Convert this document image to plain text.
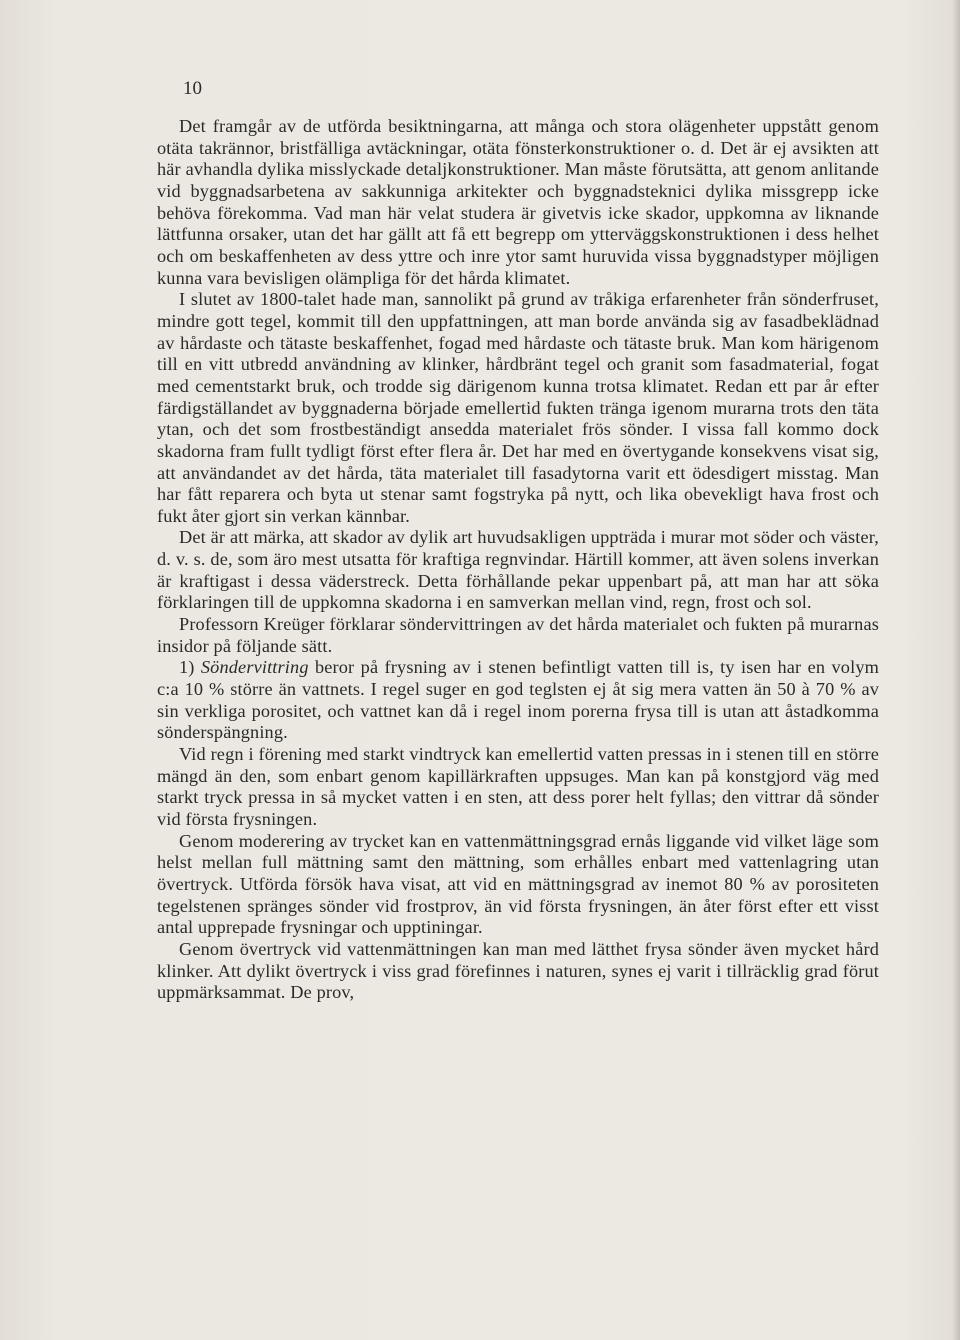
10

Det framgår av de utförda besiktningarna, att många och stora olägenheter uppstått genom otäta takrännor, bristfälliga avtäckningar, otäta fönsterkonstruktioner o. d. Det är ej avsikten att här avhandla dylika misslyckade detaljkonstruktioner. Man måste förutsätta, att genom anlitande vid byggnadsarbetena av sakkunniga arkitekter och byggnadsteknici dylika missgrepp icke behöva förekomma. Vad man här velat studera är givetvis icke skador, uppkomna av liknande lättfunna orsaker, utan det har gällt att få ett begrepp om ytterväggskonstruktionen i dess helhet och om beskaffenheten av dess yttre och inre ytor samt huruvida vissa byggnadstyper möjligen kunna vara bevisligen olämpliga för det hårda klimatet.

I slutet av 1800-talet hade man, sannolikt på grund av tråkiga erfarenheter från sönderfruset, mindre gott tegel, kommit till den uppfattningen, att man borde använda sig av fasadbeklädnad av hårdaste och tätaste beskaffenhet, fogad med hårdaste och tätaste bruk. Man kom härigenom till en vitt utbredd användning av klinker, hårdbränt tegel och granit som fasadmaterial, fogat med cementstarkt bruk, och trodde sig därigenom kunna trotsa klimatet. Redan ett par år efter färdigställandet av byggnaderna började emellertid fukten tränga igenom murarna trots den täta ytan, och det som frostbeständigt ansedda materialet frös sönder. I vissa fall kommo dock skadorna fram fullt tydligt först efter flera år. Det har med en övertygande konsekvens visat sig, att användandet av det hårda, täta materialet till fasadytorna varit ett ödesdigert misstag. Man har fått reparera och byta ut stenar samt fogstryka på nytt, och lika obevekligt hava frost och fukt åter gjort sin verkan kännbar.

Det är att märka, att skador av dylik art huvudsakligen uppträda i murar mot söder och väster, d. v. s. de, som äro mest utsatta för kraftiga regnvindar. Härtill kommer, att även solens inverkan är kraftigast i dessa väderstreck. Detta förhållande pekar uppenbart på, att man har att söka förklaringen till de uppkomna skadorna i en samverkan mellan vind, regn, frost och sol.

Professorn Kreüger förklarar söndervittringen av det hårda materialet och fukten på murarnas insidor på följande sätt.

1) Söndervittring beror på frysning av i stenen befintligt vatten till is, ty isen har en volym c:a 10 % större än vattnets. I regel suger en god teglsten ej åt sig mera vatten än 50 à 70 % av sin verkliga porositet, och vattnet kan då i regel inom porerna frysa till is utan att åstadkomma sönderspängning.

Vid regn i förening med starkt vindtryck kan emellertid vatten pressas in i stenen till en större mängd än den, som enbart genom kapillärkraften uppsuges. Man kan på konstgjord väg med starkt tryck pressa in så mycket vatten i en sten, att dess porer helt fyllas; den vittrar då sönder vid första frysningen.

Genom moderering av trycket kan en vattenmättningsgrad ernås liggande vid vilket läge som helst mellan full mättning samt den mättning, som erhålles enbart med vattenlagring utan övertryck. Utförda försök hava visat, att vid en mättningsgrad av inemot 80 % av porositeten tegelstenen spränges sönder vid frostprov, än vid första frysningen, än åter först efter ett visst antal upprepade frysningar och upptiningar.

Genom övertryck vid vattenmättningen kan man med lätthet frysa sönder även mycket hård klinker. Att dylikt övertryck i viss grad förefinnes i naturen, synes ej varit i tillräcklig grad förut uppmärksammat. De prov,
